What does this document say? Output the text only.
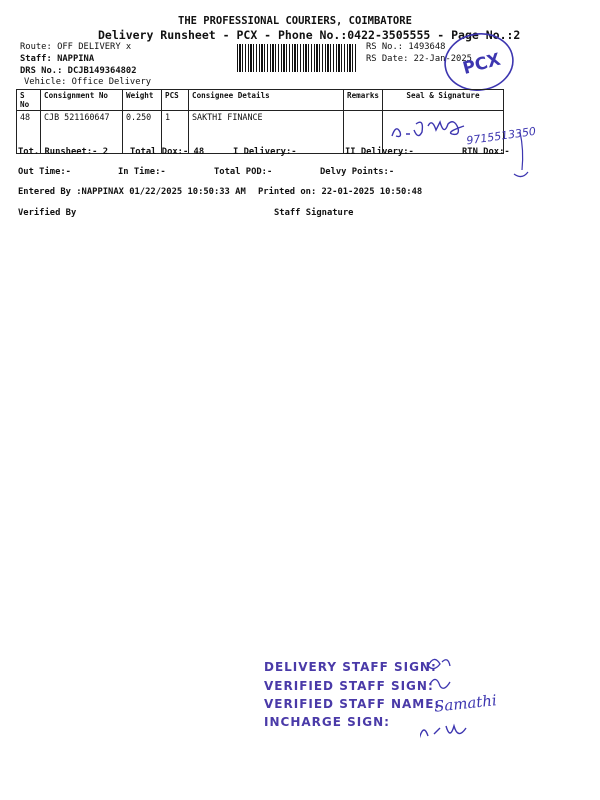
THE PROFESSIONAL COURIERS, COIMBATORE
Delivery Runsheet - PCX - Phone No.:0422-3505555 - Page No.:2
Route: OFF DELIVERY x
Staff: NAPPINA
DRS No.: DCJB149364802
Vehicle: Office Delivery
RS No.: 1493648
RS Date: 22-Jan-2025
PCX
S No	Consignment No	Weight	PCS	Consignee Details	Remarks	Seal & Signature
48	CJB 521160647	0.250	1	SAKTHI FINANCE		
9715513350
Tot. Runsheet:- 2 Total Dox:- 48	I Delivery:-	II Delivery:-	RTN Dox:-
Out Time:-	In Time:-	Total POD:-	Delvy Points:-
Entered By :NAPPINAX 01/22/2025 10:50:33 AM Printed on: 22-01-2025 10:50:48
Verified By	Staff Signature
DELIVERY STAFF SIGN:
VERIFIED STAFF SIGN:
VERIFIED STAFF NAME:
INCHARGE SIGN:
Samathi
